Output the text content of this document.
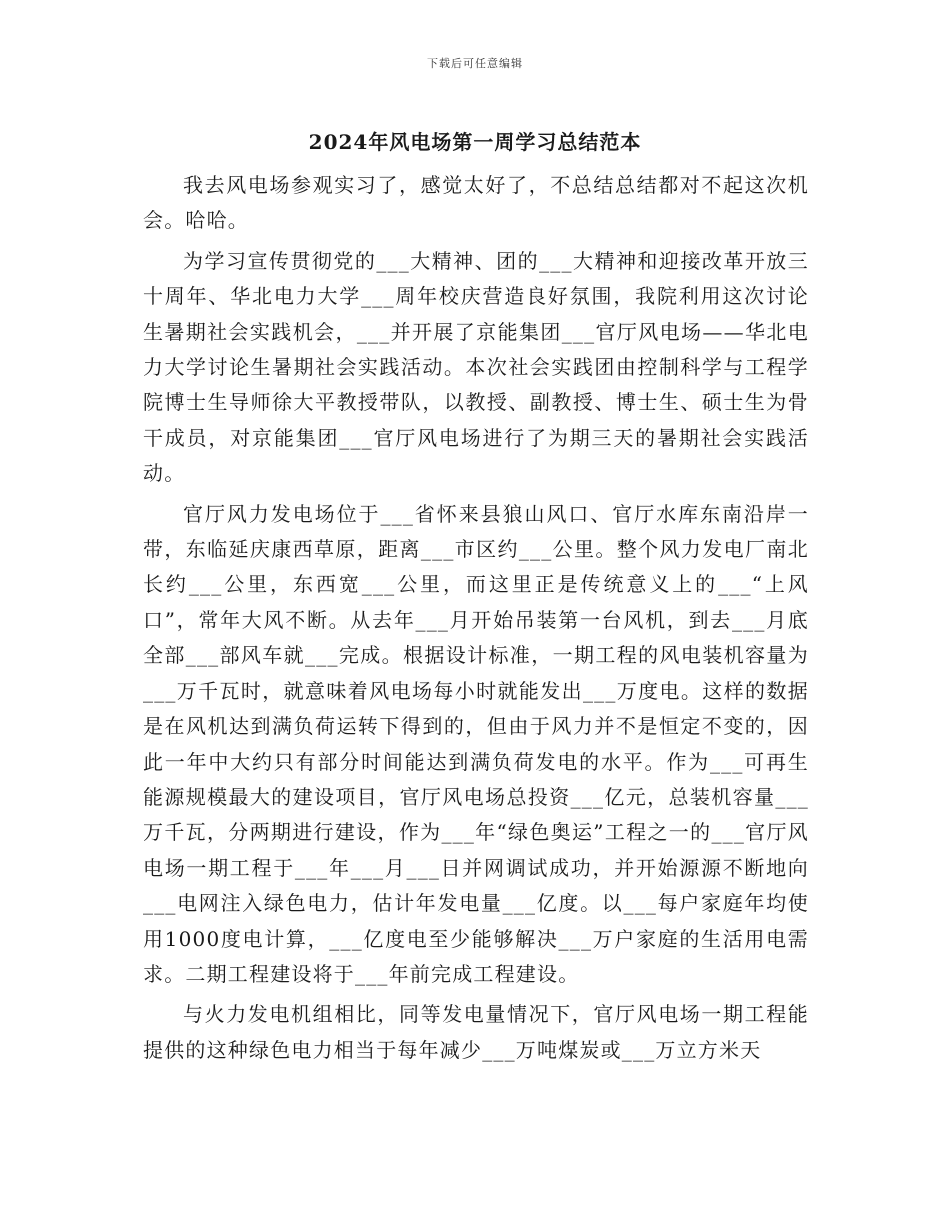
下载后可任意编辑
2024年风电场第一周学习总结范本

我去风电场参观实习了，感觉太好了，不总结总结都对不起这次机会。哈哈。

为学习宣传贯彻党的___大精神、团的___大精神和迎接改革开放三十周年、华北电力大学___周年校庆营造良好氛围，我院利用这次讨论生暑期社会实践机会，___并开展了京能集团___官厅风电场——华北电力大学讨论生暑期社会实践活动。本次社会实践团由控制科学与工程学院博士生导师徐大平教授带队，以教授、副教授、博士生、硕士生为骨干成员，对京能集团___官厅风电场进行了为期三天的暑期社会实践活动。

官厅风力发电场位于___省怀来县狼山风口、官厅水库东南沿岸一带，东临延庆康西草原，距离___市区约___公里。整个风力发电厂南北长约___公里，东西宽___公里，而这里正是传统意义上的___“上风口”，常年大风不断。从去年___月开始吊装第一台风机，到去___月底全部___部风车就___完成。根据设计标准，一期工程的风电装机容量为___万千瓦时，就意味着风电场每小时就能发出___万度电。这样的数据是在风机达到满负荷运转下得到的，但由于风力并不是恒定不变的，因此一年中大约只有部分时间能达到满负荷发电的水平。作为___可再生能源规模最大的建设项目，官厅风电场总投资___亿元，总装机容量___万千瓦，分两期进行建设，作为___年“绿色奥运”工程之一的___官厅风电场一期工程于___年___月___日并网调试成功，并开始源源不断地向___电网注入绿色电力，估计年发电量___亿度。以___每户家庭年均使用1000度电计算，___亿度电至少能够解决___万户家庭的生活用电需求。二期工程建设将于___年前完成工程建设。

与火力发电机组相比，同等发电量情况下，官厅风电场一期工程能提供的这种绿色电力相当于每年减少___万吨煤炭或___万立方米天
